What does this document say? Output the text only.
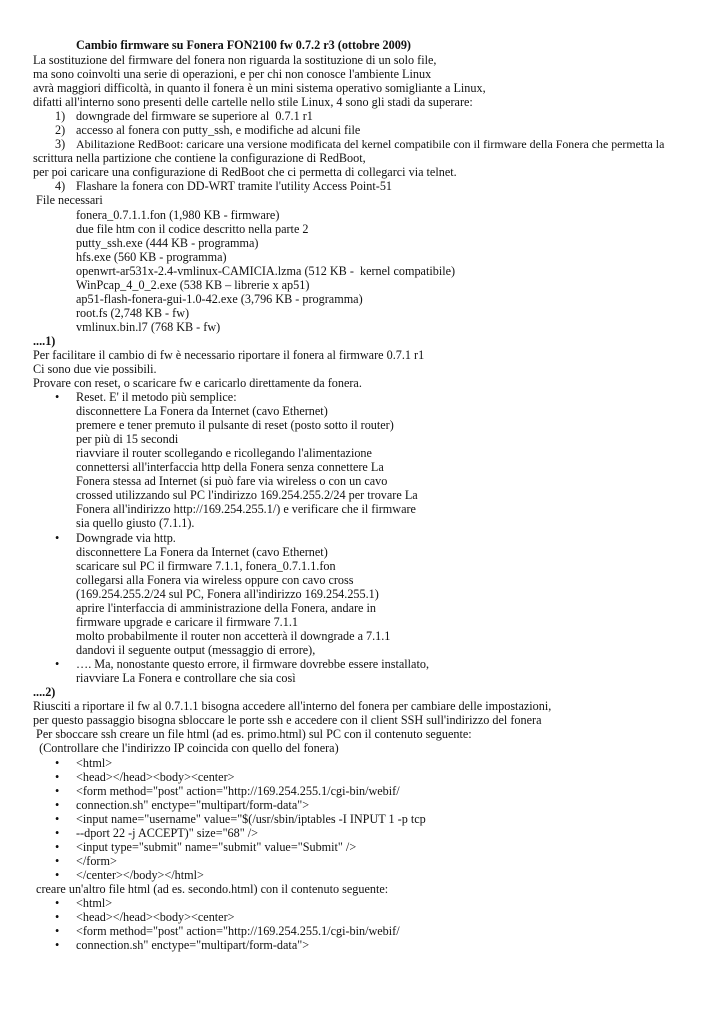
Cambio firmware su Fonera FON2100 fw 0.7.2 r3 (ottobre 2009)
La sostituzione del firmware del fonera non riguarda la sostituzione di un solo file,
ma sono coinvolti una serie di operazioni, e per chi non conosce l'ambiente Linux
avrà maggiori difficoltà, in quanto il fonera è un mini sistema operativo somigliante a Linux,
difatti all'interno sono presenti delle cartelle nello stile Linux, 4 sono gli stadi da superare:
1) downgrade del firmware se superiore al  0.7.1 r1
2) accesso al fonera con putty_ssh, e modifiche ad alcuni file
3) Abilitazione RedBoot: caricare una versione modificata del kernel compatibile con il firmware della Fonera che permetta la
scrittura nella partizione che contiene la configurazione di RedBoot,
per poi caricare una configurazione di RedBoot che ci permetta di collegarci via telnet.
4) Flashare la fonera con DD-WRT tramite l'utility Access Point-51
File necessari
fonera_0.7.1.1.fon (1,980 KB - firmware)
due file htm con il codice descritto nella parte 2
putty_ssh.exe (444 KB - programma)
hfs.exe (560 KB - programma)
openwrt-ar531x-2.4-vmlinux-CAMICIA.lzma (512 KB -  kernel compatibile)
WinPcap_4_0_2.exe (538 KB – librerie x ap51)
ap51-flash-fonera-gui-1.0-42.exe (3,796 KB - programma)
root.fs (2,748 KB - fw)
vmlinux.bin.l7 (768 KB - fw)
....1)
Per facilitare il cambio di fw è necessario riportare il fonera al firmware 0.7.1 r1
Ci sono due vie possibili.
Provare con reset, o scaricare fw e caricarlo direttamente da fonera.
• Reset. E' il metodo più semplice:
disconnettere La Fonera da Internet (cavo Ethernet)
premere e tener premuto il pulsante di reset (posto sotto il router)
per più di 15 secondi
riavviare il router scollegando e ricollegando l'alimentazione
connettersi all'interfaccia http della Fonera senza connettere La
Fonera stessa ad Internet (si può fare via wireless o con un cavo
crossed utilizzando sul PC l'indirizzo 169.254.255.2/24 per trovare La
Fonera all'indirizzo http://169.254.255.1/) e verificare che il firmware
sia quello giusto (7.1.1).
• Downgrade via http.
disconnettere La Fonera da Internet (cavo Ethernet)
scaricare sul PC il firmware 7.1.1, fonera_0.7.1.1.fon
collegarsi alla Fonera via wireless oppure con cavo cross
(169.254.255.2/24 sul PC, Fonera all'indirizzo 169.254.255.1)
aprire l'interfaccia di amministrazione della Fonera, andare in
firmware upgrade e caricare il firmware 7.1.1
molto probabilmente il router non accetterà il downgrade a 7.1.1
dandovi il seguente output (messaggio di errore),
• …. Ma, nonostante questo errore, il firmware dovrebbe essere installato,
riavviare La Fonera e controllare che sia così
....2)
Riusciti a riportare il fw al 0.7.1.1 bisogna accedere all'interno del fonera per cambiare delle impostazioni,
per questo passaggio bisogna sbloccare le porte ssh e accedere con il client SSH sull'indirizzo del fonera
Per sboccare ssh creare un file html (ad es. primo.html) sul PC con il contenuto seguente:
(Controllare che l'indirizzo IP coincida con quello del fonera)
• <html>
• <head></head><body><center>
• <form method="post" action="http://169.254.255.1/cgi-bin/webif/
• connection.sh" enctype="multipart/form-data">
• <input name="username" value="$(/usr/sbin/iptables -I INPUT 1 -p tcp
• --dport 22 -j ACCEPT)" size="68" />
• <input type="submit" name="submit" value="Submit" />
• </form>
• </center></body></html>
creare un'altro file html (ad es. secondo.html) con il contenuto seguente:
• <html>
• <head></head><body><center>
• <form method="post" action="http://169.254.255.1/cgi-bin/webif/
• connection.sh" enctype="multipart/form-data">
